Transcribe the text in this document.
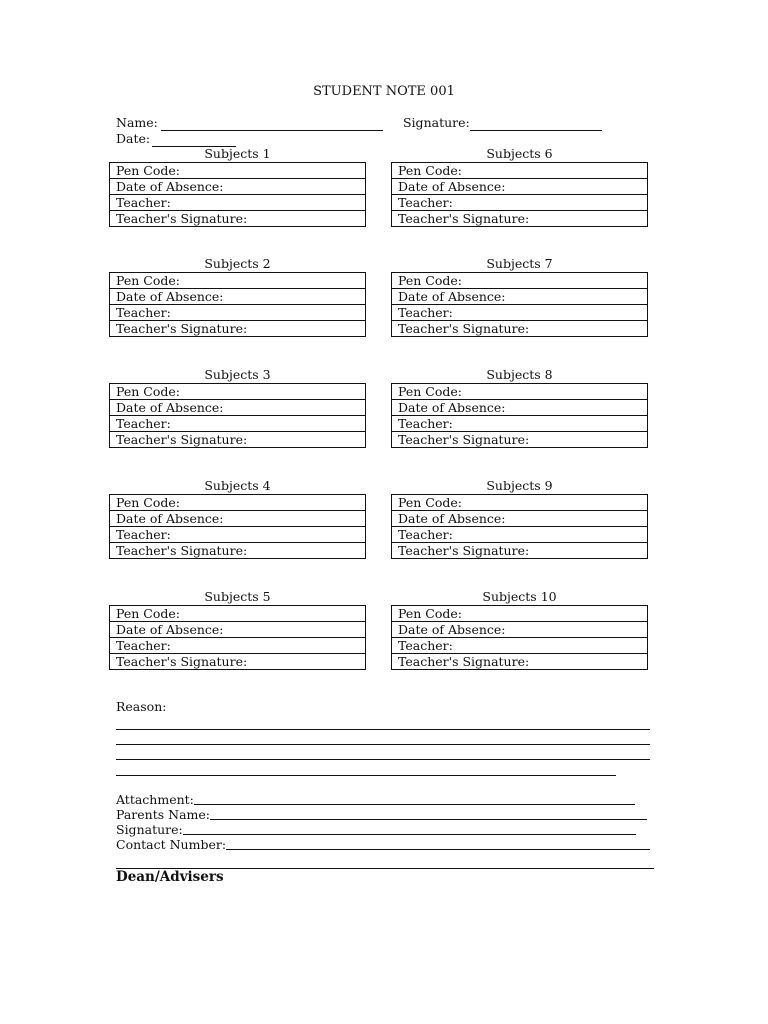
STUDENT NOTE 001
Name:	Signature:
Date:
Subjects 1
Pen Code:
Date of Absence:
Teacher:
Teacher's Signature:
Subjects 2
Pen Code:
Date of Absence:
Teacher:
Teacher's Signature:
Subjects 3
Pen Code:
Date of Absence:
Teacher:
Teacher's Signature:
Subjects 4
Pen Code:
Date of Absence:
Teacher:
Teacher's Signature:
Subjects 5
Pen Code:
Date of Absence:
Teacher:
Teacher's Signature:
Subjects 6
Pen Code:
Date of Absence:
Teacher:
Teacher's Signature:
Subjects 7
Pen Code:
Date of Absence:
Teacher:
Teacher's Signature:
Subjects 8
Pen Code:
Date of Absence:
Teacher:
Teacher's Signature:
Subjects 9
Pen Code:
Date of Absence:
Teacher:
Teacher's Signature:
Subjects 10
Pen Code:
Date of Absence:
Teacher:
Teacher's Signature:
Reason:
Attachment:
Parents Name:
Signature:
Contact Number:
Dean/Advisers
